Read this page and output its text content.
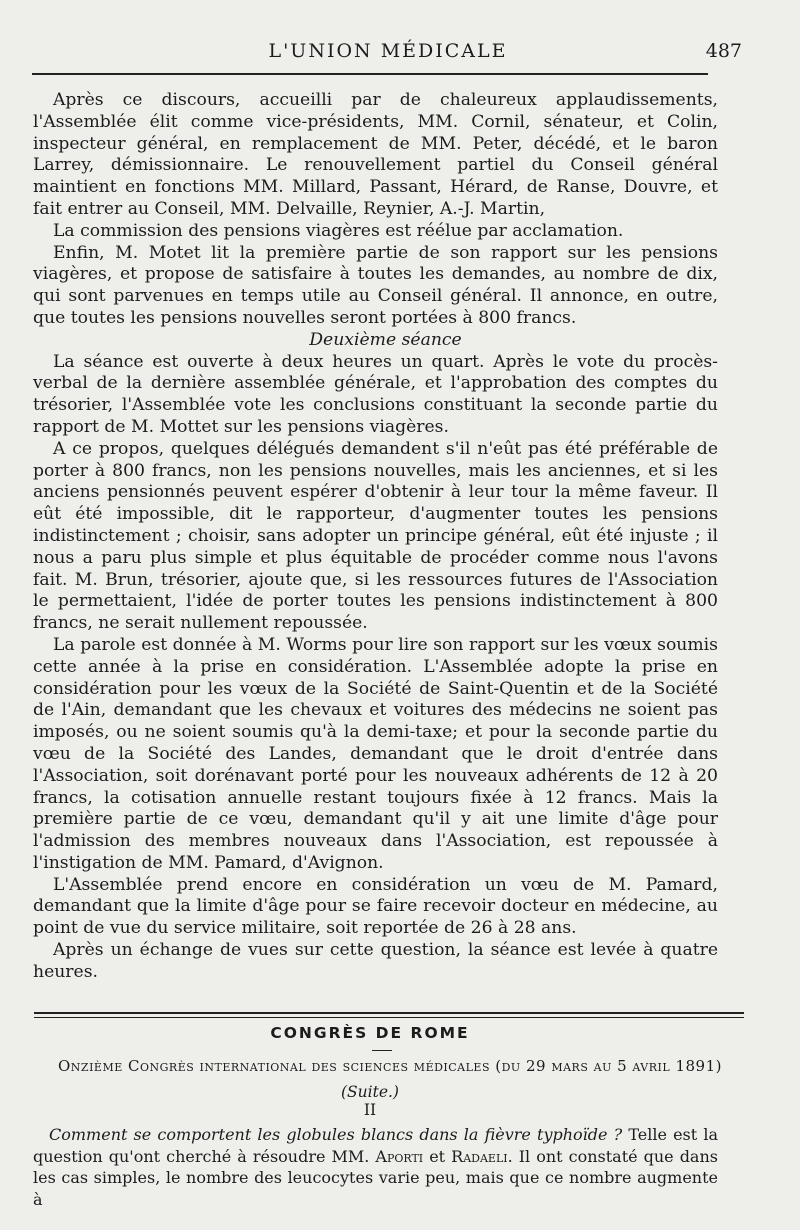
L'UNION MÉDICALE	487

Après ce discours, accueilli par de chaleureux applaudissements, l'Assemblée élit comme vice-présidents, MM. Cornil, sénateur, et Colin, inspecteur général, en remplacement de MM. Peter, décédé, et le baron Larrey, démissionnaire. Le renouvellement partiel du Conseil général maintient en fonctions MM. Millard, Passant, Hérard, de Ranse, Douvre, et fait entrer au Conseil, MM. Delvaille, Reynier, A.-J. Martin,

La commission des pensions viagères est réélue par acclamation.

Enfin, M. Motet lit la première partie de son rapport sur les pensions viagères, et propose de satisfaire à toutes les demandes, au nombre de dix, qui sont parvenues en temps utile au Conseil général. Il annonce, en outre, que toutes les pensions nouvelles seront portées à 800 francs.

Deuxième séance

La séance est ouverte à deux heures un quart. Après le vote du procès-verbal de la dernière assemblée générale, et l'approbation des comptes du trésorier, l'Assemblée vote les conclusions constituant la seconde partie du rapport de M. Mottet sur les pensions viagères.

A ce propos, quelques délégués demandent s'il n'eût pas été préférable de porter à 800 francs, non les pensions nouvelles, mais les anciennes, et si les anciens pensionnés peuvent espérer d'obtenir à leur tour la même faveur. Il eût été impossible, dit le rapporteur, d'augmenter toutes les pensions indistinctement ; choisir, sans adopter un principe général, eût été injuste ; il nous a paru plus simple et plus équitable de procéder comme nous l'avons fait. M. Brun, trésorier, ajoute que, si les ressources futures de l'Association le permettaient, l'idée de porter toutes les pensions indistinctement à 800 francs, ne serait nullement repoussée.

La parole est donnée à M. Worms pour lire son rapport sur les vœux soumis cette année à la prise en considération. L'Assemblée adopte la prise en considération pour les vœux de la Société de Saint-Quentin et de la Société de l'Ain, demandant que les chevaux et voitures des médecins ne soient pas imposés, ou ne soient soumis qu'à la demi-taxe; et pour la seconde partie du vœu de la Société des Landes, demandant que le droit d'entrée dans l'Association, soit dorénavant porté pour les nouveaux adhérents de 12 à 20 francs, la cotisation annuelle restant toujours fixée à 12 francs. Mais la première partie de ce vœu, demandant qu'il y ait une limite d'âge pour l'admission des membres nouveaux dans l'Association, est repoussée à l'instigation de MM. Pamard, d'Avignon.

L'Assemblée prend encore en considération un vœu de M. Pamard, demandant que la limite d'âge pour se faire recevoir docteur en médecine, au point de vue du service militaire, soit reportée de 26 à 28 ans.

Après un échange de vues sur cette question, la séance est levée à quatre heures.

CONGRÈS DE ROME
Onzième Congrès international des sciences médicales (du 29 mars au 5 avril 1891)
(Suite.)
II

Comment se comportent les globules blancs dans la fièvre typhoïde ? Telle est la question qu'ont cherché à résoudre MM. Aporti et Radaeli. Il ont constaté que dans les cas simples, le nombre des leucocytes varie peu, mais que ce nombre augmente à
